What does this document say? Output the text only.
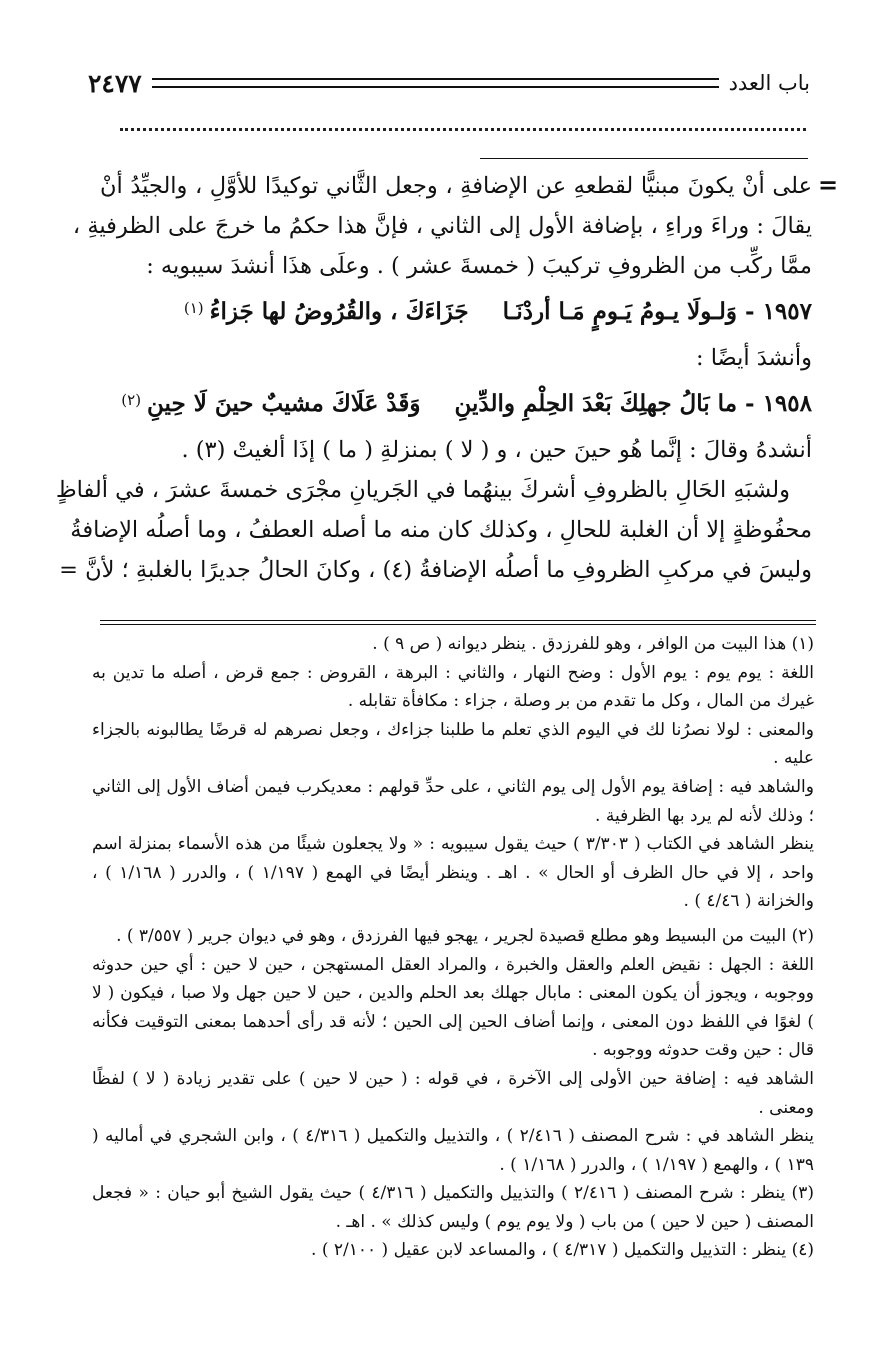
باب العدد
٢٤٧٧
=
على أنْ يكونَ مبنيًّا لقطعهِ عن الإضافةِ ، وجعل الثَّاني توكيدًا للأوَّلِ ، والجيِّدُ أنْ
يقالَ : وراءَ وراءِ ، بإضافة الأول إلى الثاني ، فإنَّ هذا حكمُ ما خرجَ على الظرفيةِ ،
ممَّا ركِّب من الظروفِ تركيبَ ( خمسةَ عشر ) . وعلَى هذَا أنشدَ سيبويه :
١٩٥٧ -
وَلـولَا يـومُ يَـومٍ مَـا أردْنَـا
جَزَاءَكَ ، والقُرُوضُ لها جَزاءُ
(١)
وأنشدَ أيضًا :
١٩٥٨ -
ما بَالُ جهلِكَ بَعْدَ الحِلْمِ والدِّينِ
وَقَدْ عَلَاكَ مشيبٌ حينَ لَا حِينِ
(٢)
أنشدهُ وقالَ : إنَّما هُو حينَ حين ، و ( لا ) بمنزلةِ ( ما ) إذَا ألغيتْ (٣) .
ولشبَهِ الحَالِ بالظروفِ أشركَ بينهُما في الجَريانِ مجْرَى خمسةَ عشرَ ، في ألفاظٍ
محفُوظةٍ إلا أن الغلبة للحالِ ، وكذلك كان منه ما أصله العطفُ ، وما أصلُه الإضافةُ
وليسَ في مركبِ الظروفِ ما أصلُه الإضافةُ (٤) ، وكانَ الحالُ جديرًا بالغلبةِ ؛ لأنَّ =
(١) هذا البيت من الوافر ، وهو للفرزدق . ينظر ديوانه ( ص ٩ ) .
اللغة : يوم يوم : يوم الأول : وضح النهار ، والثاني : البرهة ، القروض : جمع قرض ، أصله ما تدين به غيرك من المال ، وكل ما تقدم من بر وصلة ، جزاء : مكافأة تقابله .
والمعنى : لولا نصرُنا لك في اليوم الذي تعلم ما طلبنا جزاءك ، وجعل نصرهم له قرضًا يطالبونه بالجزاء عليه .
والشاهد فيه : إضافة يوم الأول إلى يوم الثاني ، على حدِّ قولهم : معديكرب فيمن أضاف الأول إلى الثاني ؛ وذلك لأنه لم يرد بها الظرفية .
ينظر الشاهد في الكتاب ( ٣/٣٠٣ ) حيث يقول سيبويه : « ولا يجعلون شيئًا من هذه الأسماء بمنزلة اسم واحد ، إلا في حال الظرف أو الحال » . اهـ . وينظر أيضًا في الهمع ( ١/١٩٧ ) ، والدرر ( ١/١٦٨ ) ، والخزانة ( ٤/٤٦ ) .
(٢) البيت من البسيط وهو مطلع قصيدة لجرير ، يهجو فيها الفرزدق ، وهو في ديوان جرير ( ٣/٥٥٧ ) .
اللغة : الجهل : نقيض العلم والعقل والخبرة ، والمراد العقل المستهجن ، حين لا حين : أي حين حدوثه ووجوبه ، ويجوز أن يكون المعنى : مابال جهلك بعد الحلم والدين ، حين لا حين جهل ولا صبا ، فيكون ( لا ) لغوًا في اللفظ دون المعنى ، وإنما أضاف الحين إلى الحين ؛ لأنه قد رأى أحدهما بمعنى التوقيت فكأنه قال : حين وقت حدوثه ووجوبه .
الشاهد فيه : إضافة حين الأولى إلى الآخرة ، في قوله : ( حين لا حين ) على تقدير زيادة ( لا ) لفظًا ومعنى .
ينظر الشاهد في : شرح المصنف ( ٢/٤١٦ ) ، والتذييل والتكميل ( ٤/٣١٦ ) ، وابن الشجري في أماليه ( ١٣٩ ) ، والهمع ( ١/١٩٧ ) ، والدرر ( ١/١٦٨ ) .
(٣) ينظر : شرح المصنف ( ٢/٤١٦ ) والتذييل والتكميل ( ٤/٣١٦ ) حيث يقول الشيخ أبو حيان : « فجعل المصنف ( حين لا حين ) من باب ( ولا يوم يوم ) وليس كذلك » . اهـ .
(٤) ينظر : التذييل والتكميل ( ٤/٣١٧ ) ، والمساعد لابن عقيل ( ٢/١٠٠ ) .
